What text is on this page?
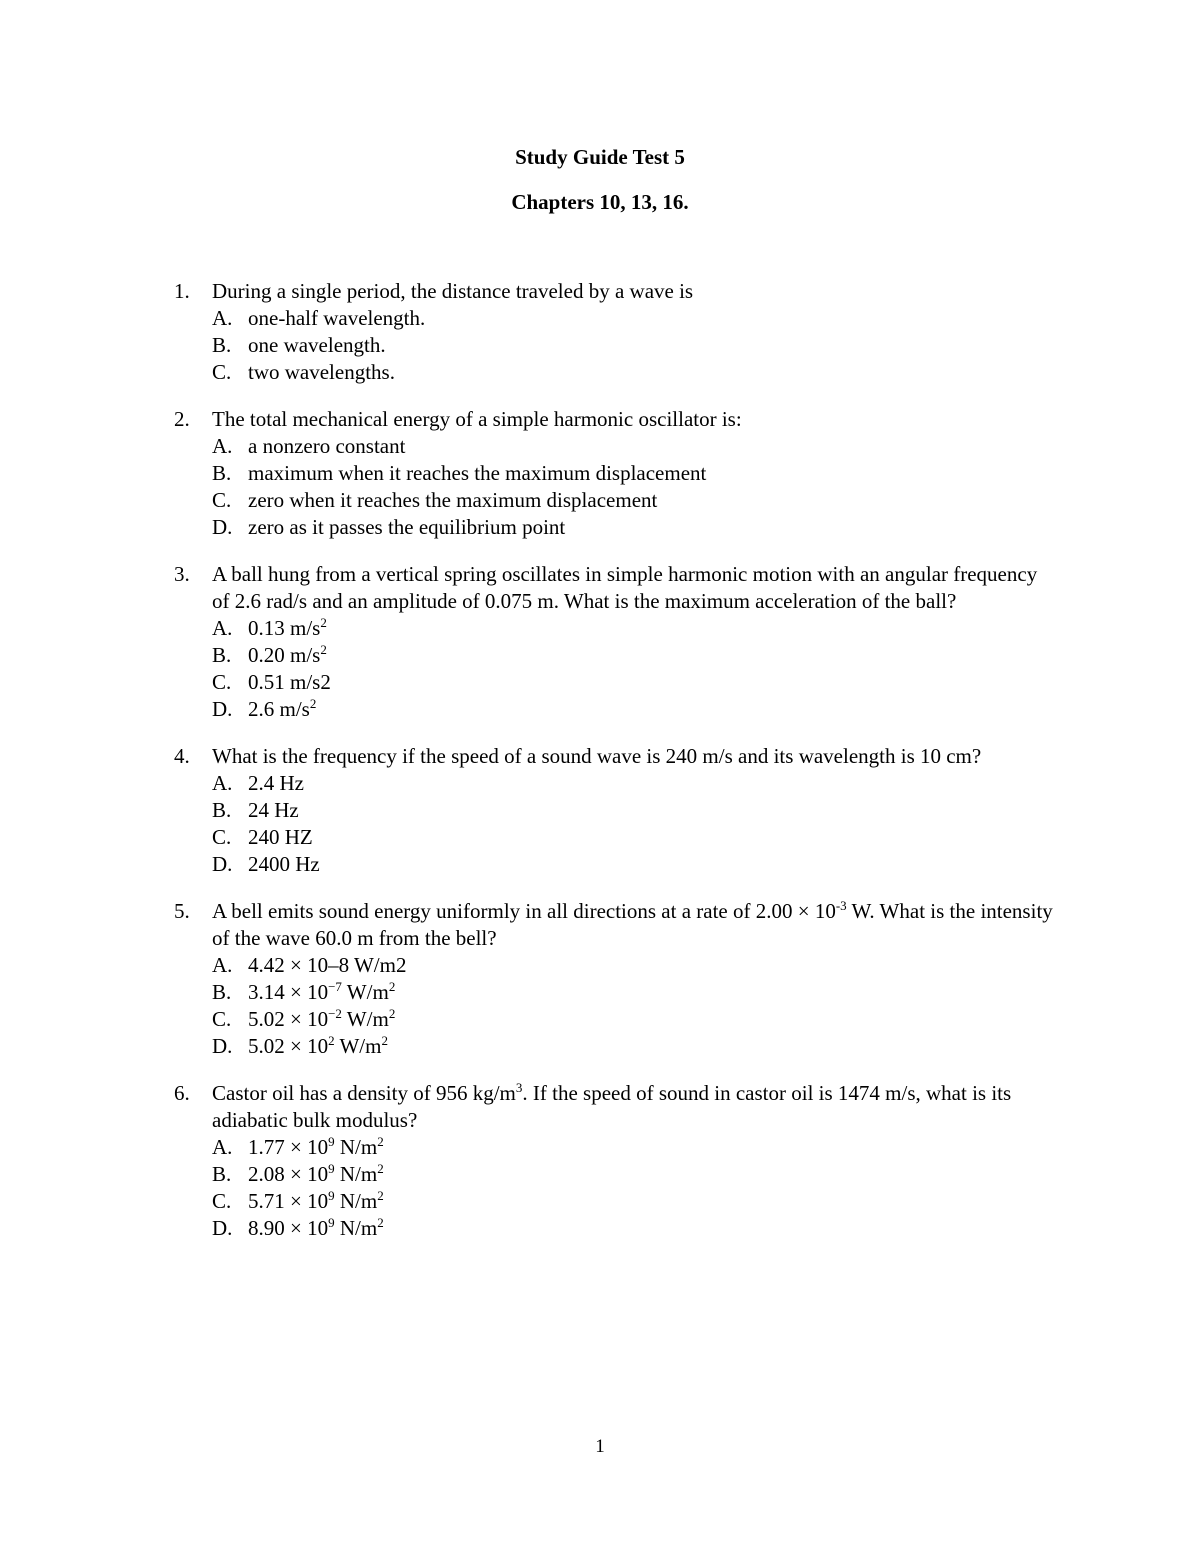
Study Guide Test 5
Chapters 10, 13, 16.
1.	During a single period, the distance traveled by a wave is
A. one-half wavelength.
B. one wavelength.
C. two wavelengths.
2.	The total mechanical energy of a simple harmonic oscillator is:
A. a nonzero constant
B. maximum when it reaches the maximum displacement
C. zero when it reaches the maximum displacement
D. zero as it passes the equilibrium point
3.	A ball hung from a vertical spring oscillates in simple harmonic motion with an angular frequency of 2.6 rad/s and an amplitude of 0.075 m. What is the maximum acceleration of the ball?
A. 0.13 $m/s^2$
B. 0.20 $m/s^2$
C. 0.51 m/s2
D. 2.6 $m/s^2$
4.	What is the frequency if the speed of a sound wave is 240 m/s and its wavelength is 10 cm?
A. 2.4 Hz
B. 24 Hz
C. 240 HZ
D. 2400 Hz
5.	A bell emits sound energy uniformly in all directions at a rate of $2.00 \times 10^{-3}$ W. What is the intensity of the wave 60.0 m from the bell?
A. 4.42 × 10–8 W/m2
B. $3.14 \times 10^{-7}$ $W/m^2$
C. $5.02 \times 10^{-2}$ $W/m^2$
D. $5.02 \times 10^2$ $W/m^2$
6.	Castor oil has a density of 956 $kg/m^3$. If the speed of sound in castor oil is 1474 m/s, what is its adiabatic bulk modulus?
A. $1.77 \times 10^9$ $N/m^2$
B. $2.08 \times 10^9$ $N/m^2$
C. $5.71 \times 10^9$ $N/m^2$
D. $8.90 \times 10^9$ $N/m^2$
1
